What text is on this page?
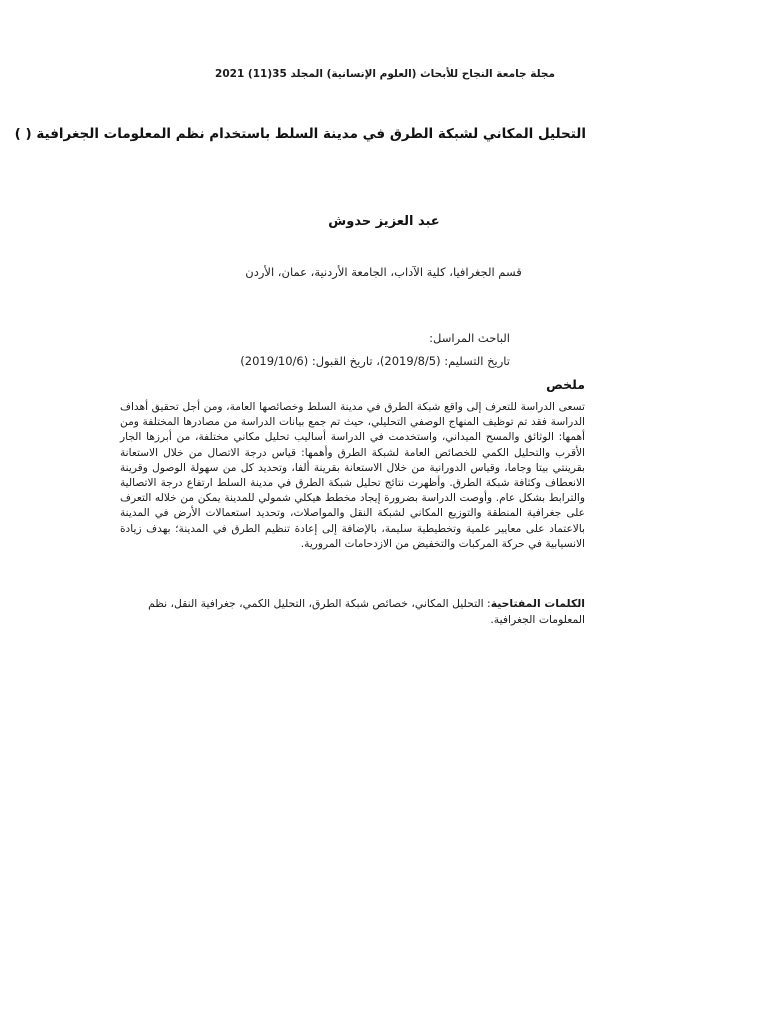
مجلة جامعة النجاح للأبحاث (العلوم الإنسانية) المجلد 35(11) 2021
التحليل المكاني لشبكة الطرق في مدينة السلط باستخدام نظم المعلومات الجغرافية ( )
عبد العزيز حدوش
قسم الجغرافيا، كلية الآداب، الجامعة الأردنية، عمان، الأردن
الباحث المراسل:
تاريخ التسليم: (2019/8/5)، تاريخ القبول: (2019/10/6)
ملخص
تسعى الدراسة للتعرف إلى واقع شبكة الطرق في مدينة السلط وخصائصها العامة، ومن أجل تحقيق أهداف الدراسة فقد تم توظيف المنهاج الوصفي التحليلي، حيث تم جمع بيانات الدراسة من مصادرها المختلفة ومن أهمها: الوثائق والمسح الميداني، واستخدمت في الدراسة أساليب تحليل مكاني مختلفة، من أبرزها الجار الأقرب والتحليل الكمي للخصائص العامة لشبكة الطرق وأهمها: قياس درجة الاتصال من خلال الاستعانة بقرينتي بيتا وجاما، وقياس الدورانية من خلال الاستعانة بقرينة ألفا، وتحديد كل من سهولة الوصول وقرينة الانعطاف وكثافة شبكة الطرق. وأظهرت نتائج تحليل شبكة الطرق في مدينة السلط ارتفاع درجة الاتصالية والترابط بشكل عام. وأوصت الدراسة بضرورة إيجاد مخطط هيكلي شمولي للمدينة يمكن من خلاله التعرف على جغرافية المنطقة والتوزيع المكاني لشبكة النقل والمواصلات، وتحديد استعمالات الأرض في المدينة بالاعتماد على معايير علمية وتخطيطية سليمة، بالإضافة إلى إعادة تنظيم الطرق في المدينة؛ بهدف زيادة الانسيابية في حركة المركبات والتخفيض من الازدحامات المرورية.
الكلمات المفتاحية: التحليل المكاني، خصائص شبكة الطرق، التحليل الكمي، جغرافية النقل، نظم المعلومات الجغرافية.
